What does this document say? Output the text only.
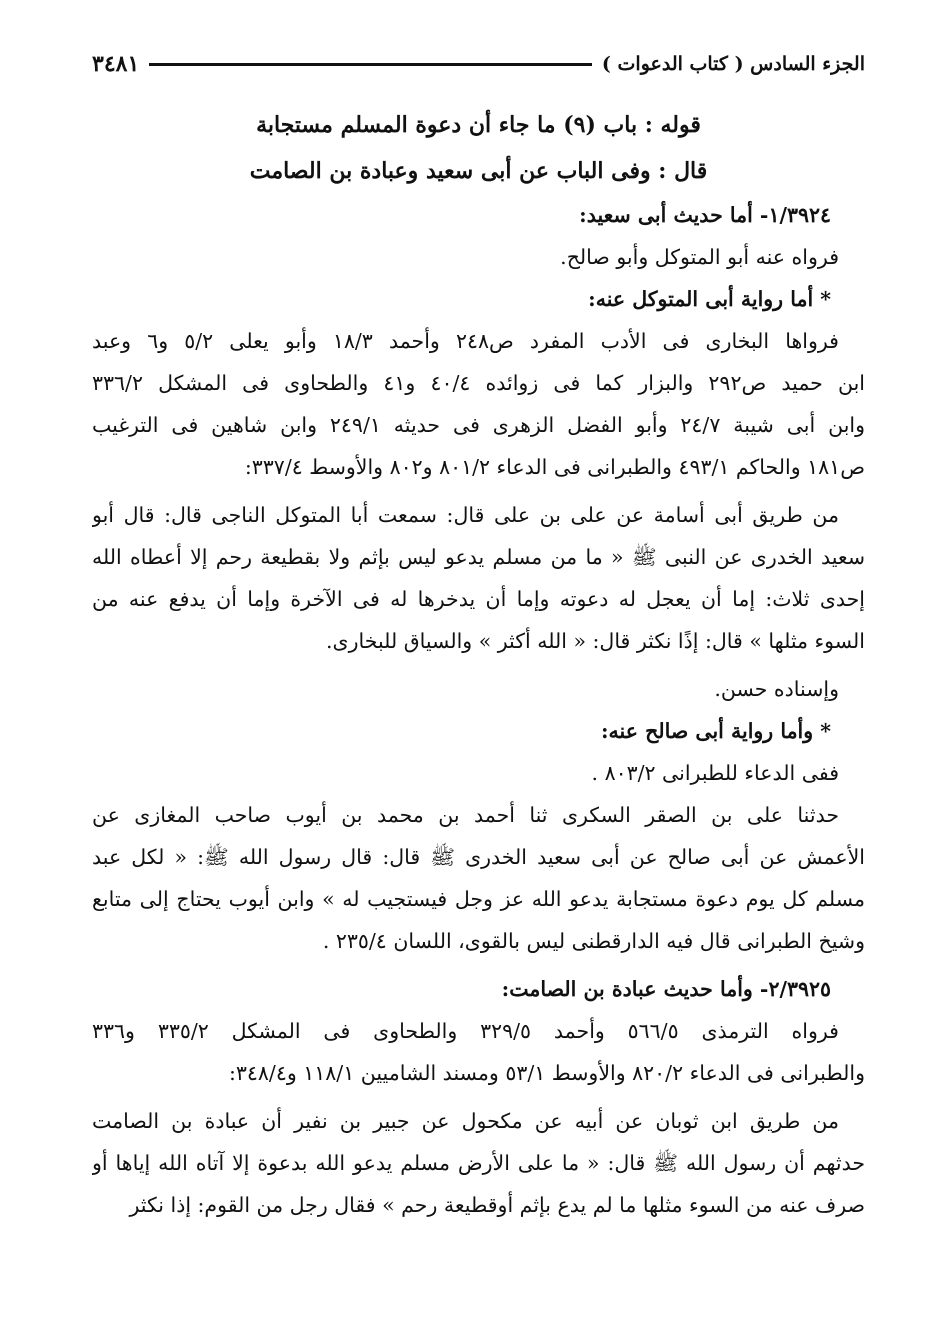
الجزء السادس ( كتاب الدعوات )
٣٤٨١
قوله : باب (٩) ما جاء أن دعوة المسلم مستجابة
قال : وفى الباب عن أبى سعيد وعبادة بن الصامت
١/٣٩٢٤- أما حديث أبى سعيد:
فرواه عنه أبو المتوكل وأبو صالح.
* أما رواية أبى المتوكل عنه:
فرواها البخارى فى الأدب المفرد ص٢٤٨ وأحمد ١٨/٣ وأبو يعلى ٥/٢ و٦ وعبد
ابن حميد ص٢٩٢ والبزار كما فى زوائده ٤٠/٤ و٤١ والطحاوى فى المشكل ٣٣٦/٢
وابن أبى شيبة ٢٤/٧ وأبو الفضل الزهرى فى حديثه ٢٤٩/١ وابن شاهين فى الترغيب
ص١٨١ والحاكم ٤٩٣/١ والطبرانى فى الدعاء ٨٠١/٢ و٨٠٢ والأوسط ٣٣٧/٤:
من طريق أبى أسامة عن على بن على قال: سمعت أبا المتوكل الناجى قال: قال أبو
سعيد الخدرى عن النبى ﷺ « ما من مسلم يدعو ليس بإثم ولا بقطيعة رحم إلا أعطاه الله
إحدى ثلاث: إما أن يعجل له دعوته وإما أن يدخرها له فى الآخرة وإما أن يدفع عنه من
السوء مثلها » قال: إذًا نكثر قال: « الله أكثر » والسياق للبخارى.
وإسناده حسن.
* وأما رواية أبى صالح عنه:
ففى الدعاء للطبرانى ٨٠٣/٢ .
حدثنا على بن الصقر السكرى ثنا أحمد بن محمد بن أيوب صاحب المغازى عن
الأعمش عن أبى صالح عن أبى سعيد الخدرى ﷺ قال: قال رسول الله ﷺ: « لكل عبد
مسلم كل يوم دعوة مستجابة يدعو الله عز وجل فيستجيب له » وابن أيوب يحتاج إلى متابع
وشيخ الطبرانى قال فيه الدارقطنى ليس بالقوى، اللسان ٢٣٥/٤ .
٢/٣٩٢٥- وأما حديث عبادة بن الصامت:
فرواه الترمذى ٥٦٦/٥ وأحمد ٣٢٩/٥ والطحاوى فى المشكل ٣٣٥/٢ و٣٣٦
والطبرانى فى الدعاء ٨٢٠/٢ والأوسط ٥٣/١ ومسند الشاميين ١١٨/١ و٣٤٨/٤:
من طريق ابن ثوبان عن أبيه عن مكحول عن جبير بن نفير أن عبادة بن الصامت
حدثهم أن رسول الله ﷺ قال: « ما على الأرض مسلم يدعو الله بدعوة إلا آتاه الله إياها أو
صرف عنه من السوء مثلها ما لم يدع بإثم أوقطيعة رحم » فقال رجل من القوم: إذا نكثر
